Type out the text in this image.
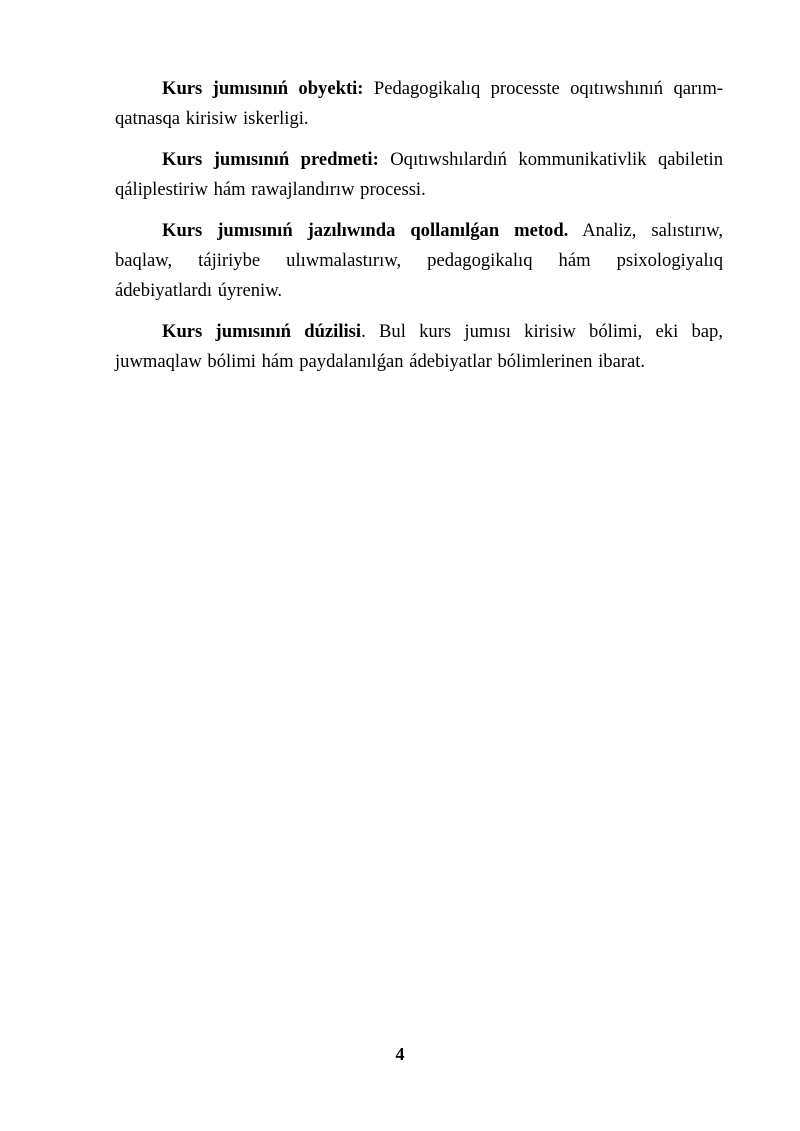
Kurs jumısınıń obyekti: Pedagogikalıq processte oqıtıwshınıń qarım-qatnasqa kirisiw iskerligi.

Kurs jumısınıń predmeti: Oqıtıwshılardıń kommunikativlik qabiletin qáliplestiriw hám rawajlandırıw processi.

Kurs jumısınıń jazılıwında qollanılǵan metod. Analiz, salıstırıw, baqlaw, tájiriybe ulıwmalastırıw, pedagogikalıq hám psixologiyalıq ádebiyatlardı úyreniw.

Kurs jumısınıń dúzilisi. Bul kurs jumısı kirisiw bólimi, eki bap, juwmaqlaw bólimi hám paydalanılǵan ádebiyatlar bólimlerinen ibarat.

4
